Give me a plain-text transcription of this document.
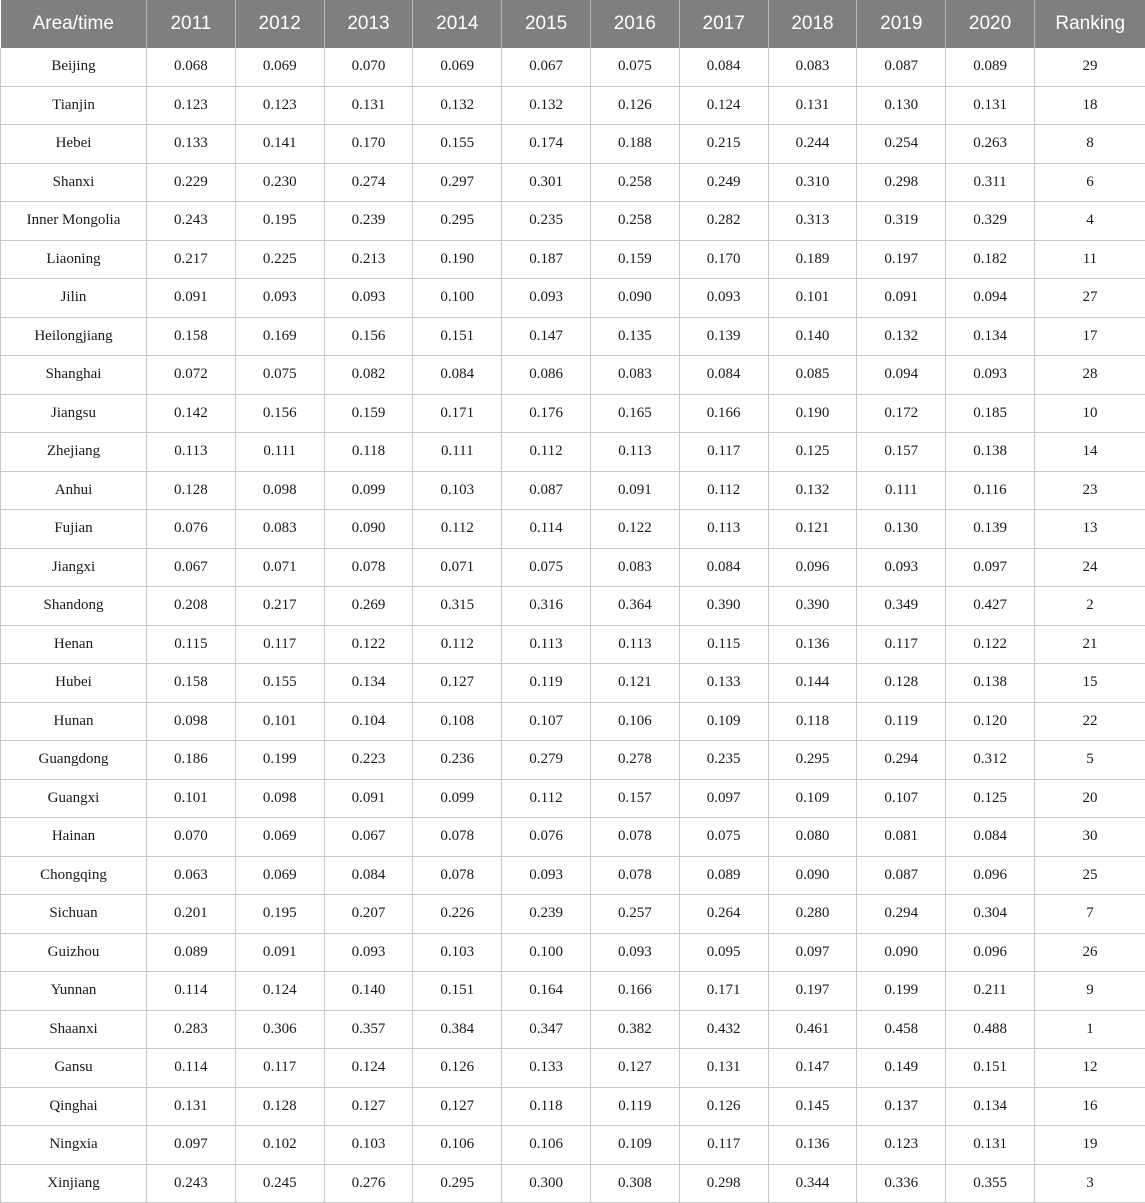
Area/time	2011	2012	2013	2014	2015	2016	2017	2018	2019	2020	Ranking
Beijing	0.068	0.069	0.070	0.069	0.067	0.075	0.084	0.083	0.087	0.089	29
Tianjin	0.123	0.123	0.131	0.132	0.132	0.126	0.124	0.131	0.130	0.131	18
Hebei	0.133	0.141	0.170	0.155	0.174	0.188	0.215	0.244	0.254	0.263	8
Shanxi	0.229	0.230	0.274	0.297	0.301	0.258	0.249	0.310	0.298	0.311	6
Inner Mongolia	0.243	0.195	0.239	0.295	0.235	0.258	0.282	0.313	0.319	0.329	4
Liaoning	0.217	0.225	0.213	0.190	0.187	0.159	0.170	0.189	0.197	0.182	11
Jilin	0.091	0.093	0.093	0.100	0.093	0.090	0.093	0.101	0.091	0.094	27
Heilongjiang	0.158	0.169	0.156	0.151	0.147	0.135	0.139	0.140	0.132	0.134	17
Shanghai	0.072	0.075	0.082	0.084	0.086	0.083	0.084	0.085	0.094	0.093	28
Jiangsu	0.142	0.156	0.159	0.171	0.176	0.165	0.166	0.190	0.172	0.185	10
Zhejiang	0.113	0.111	0.118	0.111	0.112	0.113	0.117	0.125	0.157	0.138	14
Anhui	0.128	0.098	0.099	0.103	0.087	0.091	0.112	0.132	0.111	0.116	23
Fujian	0.076	0.083	0.090	0.112	0.114	0.122	0.113	0.121	0.130	0.139	13
Jiangxi	0.067	0.071	0.078	0.071	0.075	0.083	0.084	0.096	0.093	0.097	24
Shandong	0.208	0.217	0.269	0.315	0.316	0.364	0.390	0.390	0.349	0.427	2
Henan	0.115	0.117	0.122	0.112	0.113	0.113	0.115	0.136	0.117	0.122	21
Hubei	0.158	0.155	0.134	0.127	0.119	0.121	0.133	0.144	0.128	0.138	15
Hunan	0.098	0.101	0.104	0.108	0.107	0.106	0.109	0.118	0.119	0.120	22
Guangdong	0.186	0.199	0.223	0.236	0.279	0.278	0.235	0.295	0.294	0.312	5
Guangxi	0.101	0.098	0.091	0.099	0.112	0.157	0.097	0.109	0.107	0.125	20
Hainan	0.070	0.069	0.067	0.078	0.076	0.078	0.075	0.080	0.081	0.084	30
Chongqing	0.063	0.069	0.084	0.078	0.093	0.078	0.089	0.090	0.087	0.096	25
Sichuan	0.201	0.195	0.207	0.226	0.239	0.257	0.264	0.280	0.294	0.304	7
Guizhou	0.089	0.091	0.093	0.103	0.100	0.093	0.095	0.097	0.090	0.096	26
Yunnan	0.114	0.124	0.140	0.151	0.164	0.166	0.171	0.197	0.199	0.211	9
Shaanxi	0.283	0.306	0.357	0.384	0.347	0.382	0.432	0.461	0.458	0.488	1
Gansu	0.114	0.117	0.124	0.126	0.133	0.127	0.131	0.147	0.149	0.151	12
Qinghai	0.131	0.128	0.127	0.127	0.118	0.119	0.126	0.145	0.137	0.134	16
Ningxia	0.097	0.102	0.103	0.106	0.106	0.109	0.117	0.136	0.123	0.131	19
Xinjiang	0.243	0.245	0.276	0.295	0.300	0.308	0.298	0.344	0.336	0.355	3
